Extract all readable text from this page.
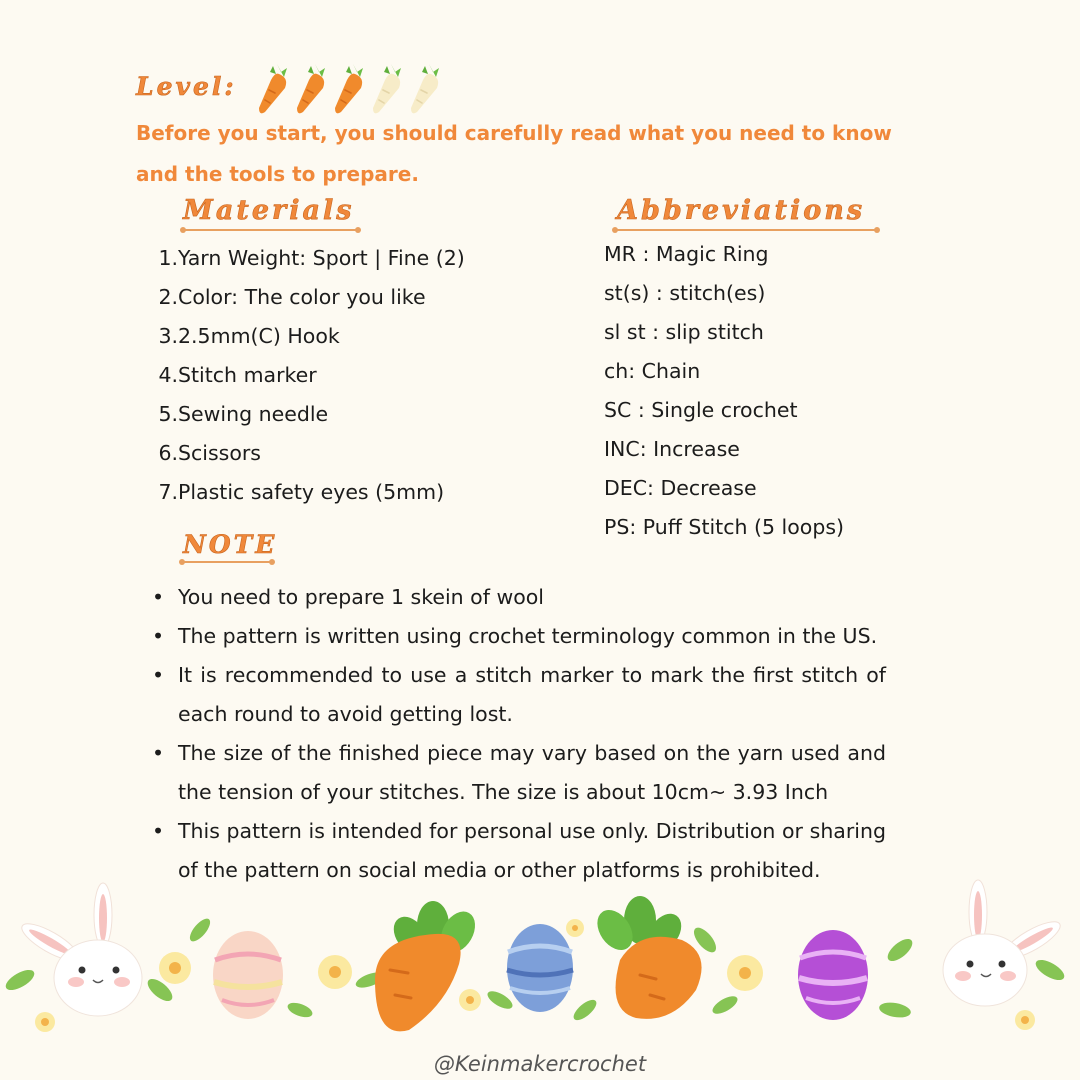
Level:
Before you start, you should carefully read what you need to know and the tools to prepare.
Materials
1. Yarn Weight: Sport | Fine (2)
2. Color: The color you like
3. 2.5mm(C) Hook
4. Stitch marker
5. Sewing needle
6. Scissors
7. Plastic safety eyes (5mm)
Abbreviations
MR : Magic Ring
st(s) : stitch(es)
sl st : slip stitch
ch: Chain
SC : Single crochet
INC: Increase
DEC: Decrease
PS: Puff Stitch (5 loops)
NOTE
• You need to prepare 1 skein of wool
• The pattern is written using crochet terminology common in the US.
• It is recommended to use a stitch marker to mark the first stitch of each round to avoid getting lost.
• The size of the finished piece may vary based on the yarn used and the tension of your stitches. The size is about 10cm~ 3.93 Inch
• This pattern is intended for personal use only. Distribution or sharing of the pattern on social media or other platforms is prohibited.
@Keinmakercrochet
